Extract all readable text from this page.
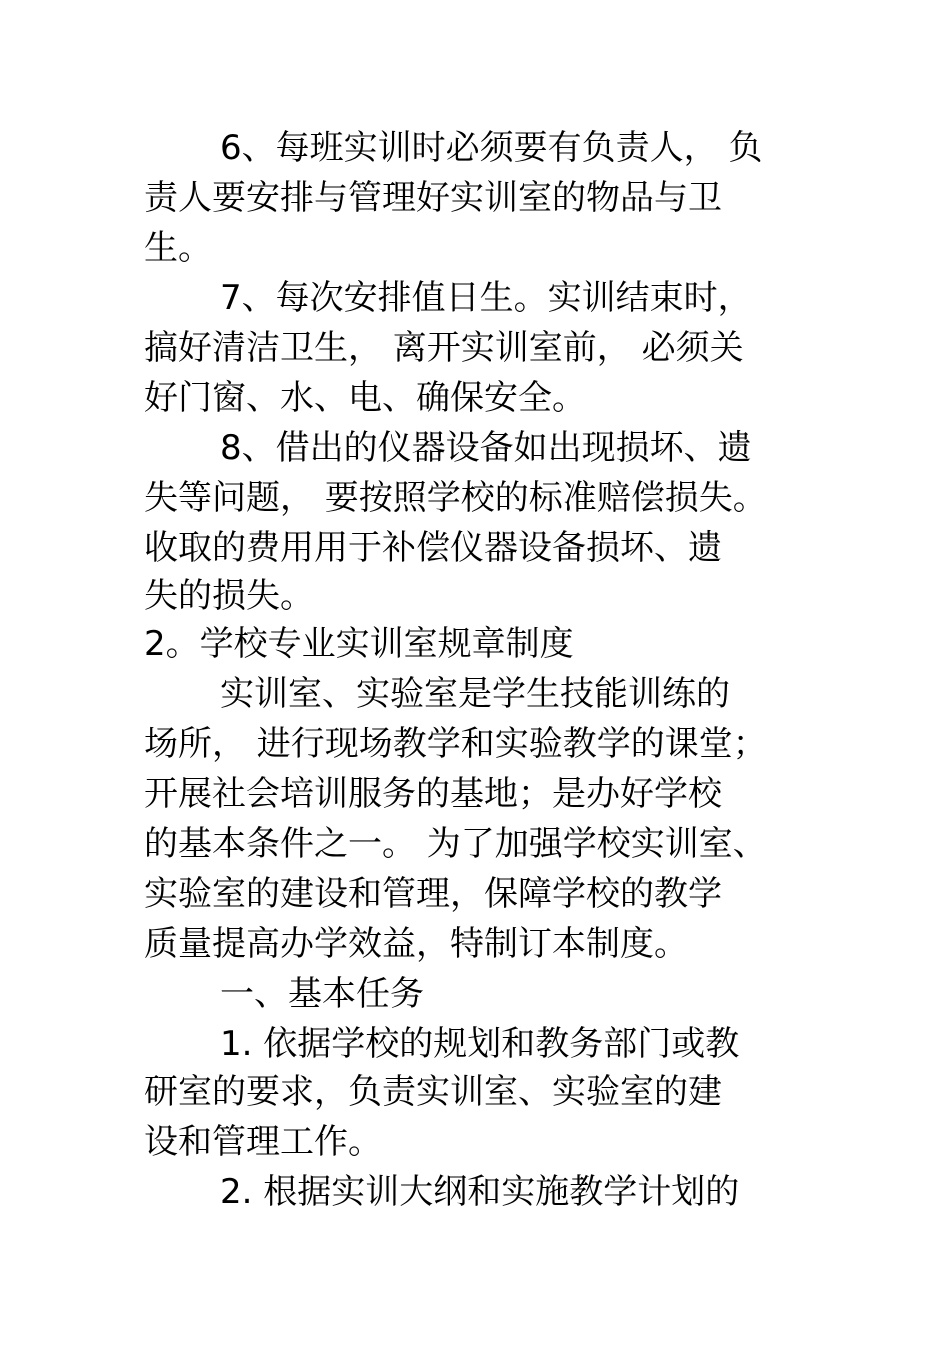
6、每班实训时必须要有负责人， 负
责人要安排与管理好实训室的物品与卫
生。
7、每次安排值日生。实训结束时，
搞好清洁卫生， 离开实训室前， 必须关
好门窗、水、电、确保安全。
8、借出的仪器设备如出现损坏、遗
失等问题， 要按照学校的标准赔偿损失。
收取的费用用于补偿仪器设备损坏、遗
失的损失。
2。学校专业实训室规章制度
实训室、实验室是学生技能训练的
场所， 进行现场教学和实验教学的课堂；
开展社会培训服务的基地；是办好学校
的基本条件之一。 为了加强学校实训室、
实验室的建设和管理，保障学校的教学
质量提高办学效益，特制订本制度。
一、基本任务
1. 依据学校的规划和教务部门或教
研室的要求，负责实训室、实验室的建
设和管理工作。
2. 根据实训大纲和实施教学计划的
